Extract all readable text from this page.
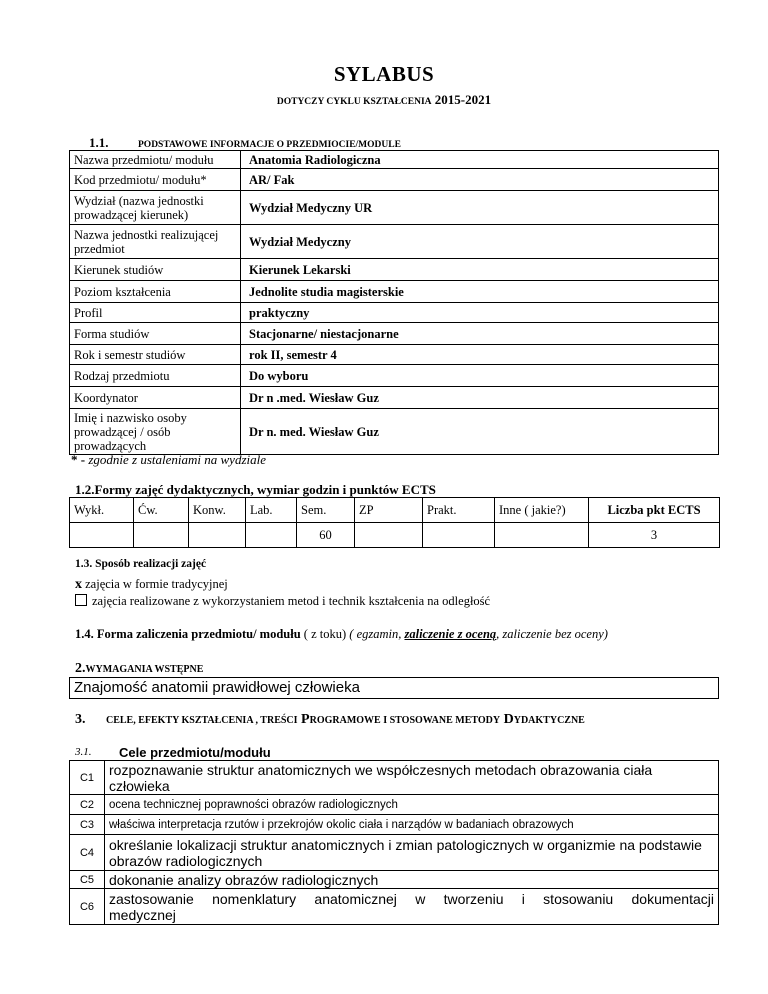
SYLABUS
DOTYCZY CYKLU KSZTAŁCENIA 2015-2021
1.1.	PODSTAWOWE INFORMACJE O PRZEDMIOCIE/MODULE
Nazwa przedmiotu/ modułu	Anatomia Radiologiczna
Kod przedmiotu/ modułu*	AR/ Fak
Wydział (nazwa jednostki prowadzącej kierunek)	Wydział Medyczny UR
Nazwa jednostki realizującej przedmiot	Wydział Medyczny
Kierunek studiów	Kierunek Lekarski
Poziom kształcenia	Jednolite studia magisterskie
Profil	praktyczny
Forma studiów	Stacjonarne/ niestacjonarne
Rok i semestr studiów	rok II, semestr 4
Rodzaj przedmiotu	Do wyboru
Koordynator	Dr n .med. Wiesław Guz
Imię i nazwisko osoby prowadzącej / osób prowadzących	Dr n. med. Wiesław Guz
* - zgodnie z ustaleniami na wydziale
1.2.Formy zajęć dydaktycznych, wymiar godzin i punktów ECTS
Wykł.	Ćw.	Konw.	Lab.	Sem.	ZP	Prakt.	Inne ( jakie?)	Liczba pkt ECTS
				60				3
1.3. Sposób realizacji zajęć
x zajęcia w formie tradycyjnej
zajęcia realizowane z wykorzystaniem metod i technik kształcenia na odległość
1.4. Forma zaliczenia przedmiotu/ modułu ( z toku) ( egzamin, zaliczenie z oceną, zaliczenie bez oceny)
2.WYMAGANIA WSTĘPNE
Znajomość anatomii prawidłowej człowieka
3. CELE, EFEKTY KSZTAŁCENIA , TREŚCI PROGRAMOWE I STOSOWANE METODY DYDAKTYCZNE
3.1. Cele przedmiotu/modułu
C1	rozpoznawanie struktur anatomicznych we współczesnych metodach obrazowania ciała człowieka
C2	ocena technicznej poprawności obrazów radiologicznych
C3	właściwa interpretacja rzutów i przekrojów okolic ciała i narządów w badaniach obrazowych
C4	określanie lokalizacji struktur anatomicznych i zmian patologicznych w organizmie na podstawie obrazów radiologicznych
C5	dokonanie analizy obrazów radiologicznych
C6	zastosowanie nomenklatury anatomicznej w tworzeniu i stosowaniu dokumentacji
medycznej
